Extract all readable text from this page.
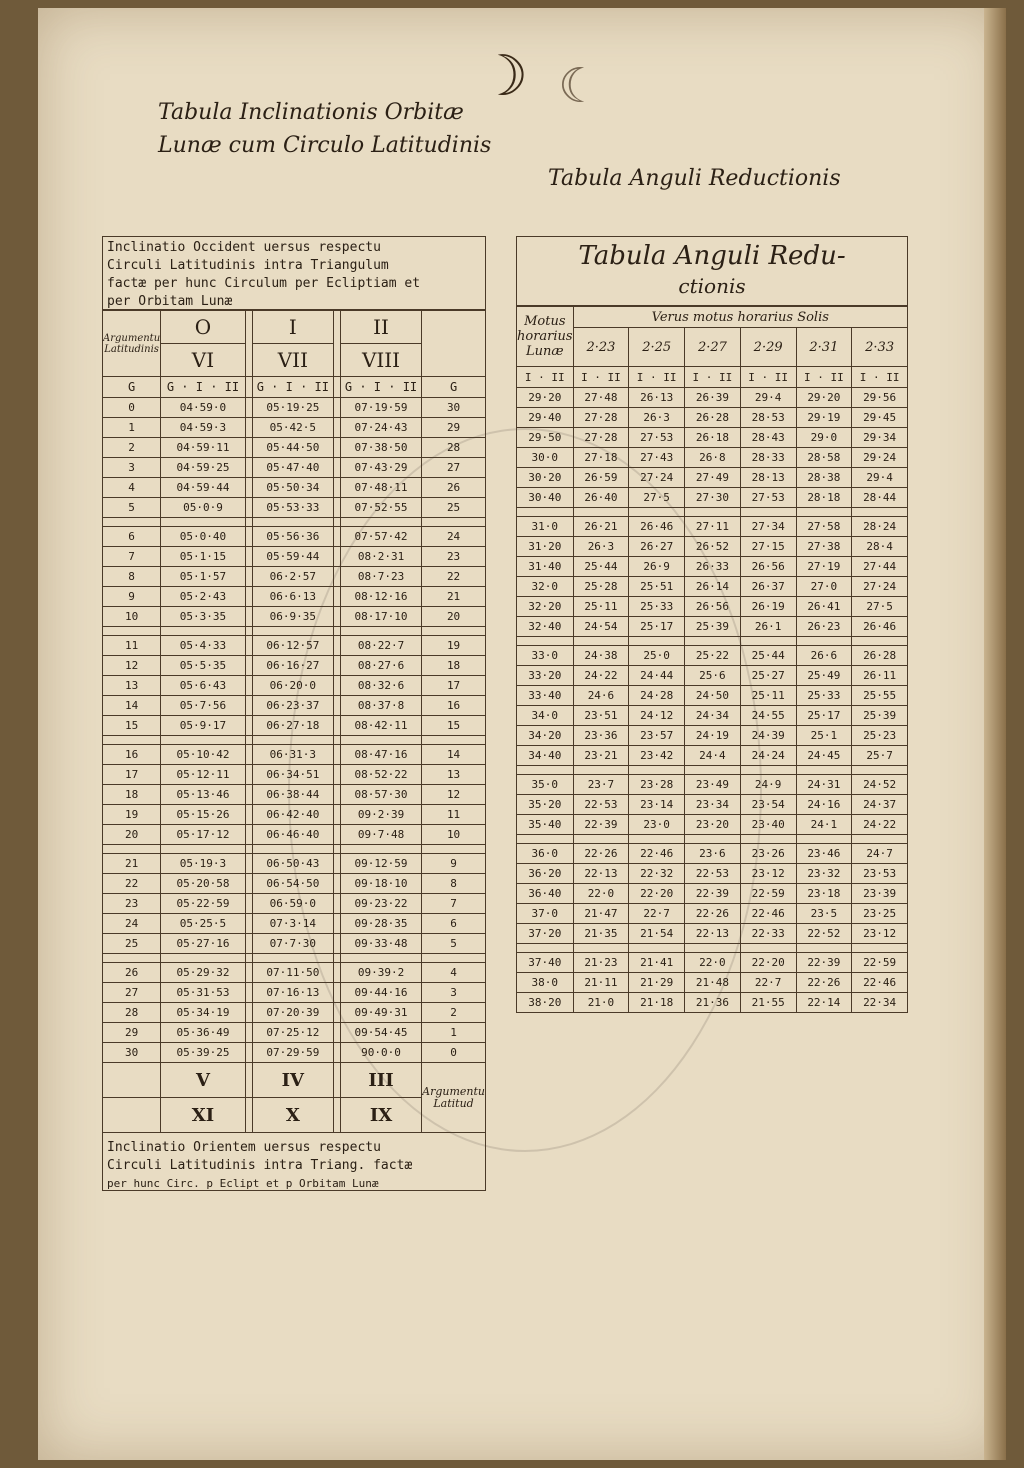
Tabula Inclinationis Orbitæ
Lunæ cum Circulo Latitudinis
☽ ☾
Tabula Anguli Reductionis
Inclinatio Occident uersus respectu
Circuli Latitudinis intra Triangulum
factæ per hunc Circulum per Ecliptiam et
per Orbitam Lunæ
Argumentu Latitudinis	O		I		II	
	VI		VII		VIII	
G	G · I · II		G · I · II		G · I · II	G
0	04·59·0		05·19·25		07·19·59	30
1	04·59·3		05·42·5		07·24·43	29
2	04·59·11		05·44·50		07·38·50	28
3	04·59·25		05·47·40		07·43·29	27
4	04·59·44		05·50·34		07·48·11	26
5	05·0·9		05·53·33		07·52·55	25

6	05·0·40		05·56·36		07·57·42	24
7	05·1·15		05·59·44		08·2·31	23
8	05·1·57		06·2·57		08·7·23	22
9	05·2·43		06·6·13		08·12·16	21
10	05·3·35		06·9·35		08·17·10	20

11	05·4·33		06·12·57		08·22·7	19
12	05·5·35		06·16·27		08·27·6	18
13	05·6·43		06·20·0		08·32·6	17
14	05·7·56		06·23·37		08·37·8	16
15	05·9·17		06·27·18		08·42·11	15

16	05·10·42		06·31·3		08·47·16	14
17	05·12·11		06·34·51		08·52·22	13
18	05·13·46		06·38·44		08·57·30	12
19	05·15·26		06·42·40		09·2·39	11
20	05·17·12		06·46·40		09·7·48	10

21	05·19·3		06·50·43		09·12·59	9
22	05·20·58		06·54·50		09·18·10	8
23	05·22·59		06·59·0		09·23·22	7
24	05·25·5		07·3·14		09·28·35	6
25	05·27·16		07·7·30		09·33·48	5

26	05·29·32		07·11·50		09·39·2	4
27	05·31·53		07·16·13		09·44·16	3
28	05·34·19		07·20·39		09·49·31	2
29	05·36·49		07·25·12		09·54·45	1
30	05·39·25		07·29·59		90·0·0	0
	V		IV		III	Argumentu Latitud
	XI		X		IX	
Inclinatio Orientem uersus respectu
Circuli Latitudinis intra Triang. factæ
per hunc Circ. p Eclipt et p Orbitam Lunæ
Tabula Anguli Redu-
ctionis
Motus horarius Lunæ	Verus motus horarius Solis					
	2·23	2·25	2·27	2·29	2·31	2·33
I · II	I · II	I · II	I · II	I · II	I · II	I · II
29·20	27·48	26·13	26·39	29·4	29·20	29·56
29·40	27·28	26·3	26·28	28·53	29·19	29·45
29·50	27·28	27·53	26·18	28·43	29·0	29·34
30·0	27·18	27·43	26·8	28·33	28·58	29·24
30·20	26·59	27·24	27·49	28·13	28·38	29·4
30·40	26·40	27·5	27·30	27·53	28·18	28·44

31·0	26·21	26·46	27·11	27·34	27·58	28·24
31·20	26·3	26·27	26·52	27·15	27·38	28·4
31·40	25·44	26·9	26·33	26·56	27·19	27·44
32·0	25·28	25·51	26·14	26·37	27·0	27·24
32·20	25·11	25·33	26·56	26·19	26·41	27·5
32·40	24·54	25·17	25·39	26·1	26·23	26·46

33·0	24·38	25·0	25·22	25·44	26·6	26·28
33·20	24·22	24·44	25·6	25·27	25·49	26·11
33·40	24·6	24·28	24·50	25·11	25·33	25·55
34·0	23·51	24·12	24·34	24·55	25·17	25·39
34·20	23·36	23·57	24·19	24·39	25·1	25·23
34·40	23·21	23·42	24·4	24·24	24·45	25·7

35·0	23·7	23·28	23·49	24·9	24·31	24·52
35·20	22·53	23·14	23·34	23·54	24·16	24·37
35·40	22·39	23·0	23·20	23·40	24·1	24·22

36·0	22·26	22·46	23·6	23·26	23·46	24·7
36·20	22·13	22·32	22·53	23·12	23·32	23·53
36·40	22·0	22·20	22·39	22·59	23·18	23·39
37·0	21·47	22·7	22·26	22·46	23·5	23·25
37·20	21·35	21·54	22·13	22·33	22·52	23·12

37·40	21·23	21·41	22·0	22·20	22·39	22·59
38·0	21·11	21·29	21·48	22·7	22·26	22·46
38·20	21·0	21·18	21·36	21·55	22·14	22·34
